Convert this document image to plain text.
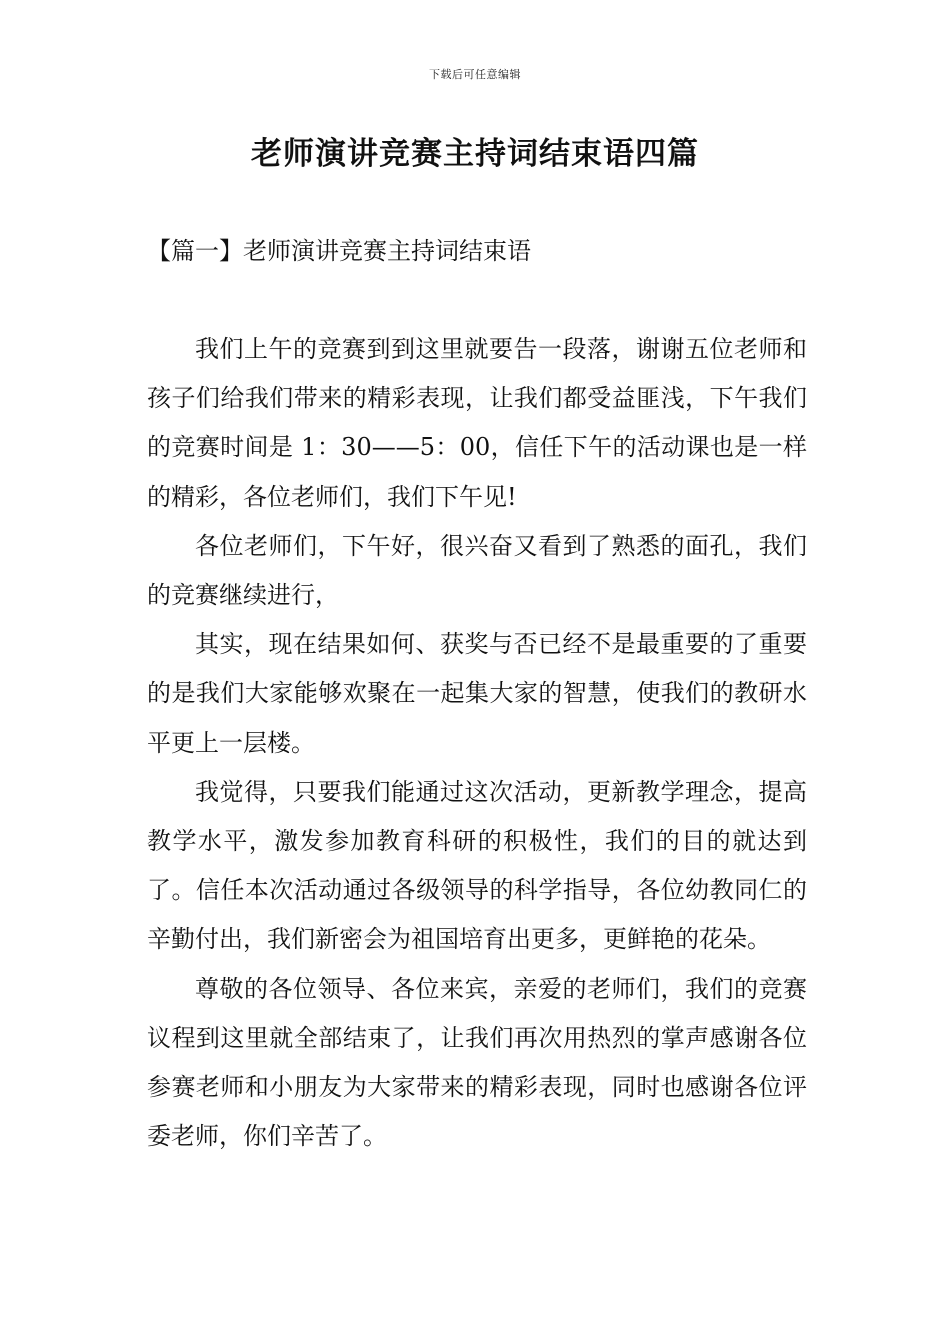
下载后可任意编辑
老师演讲竞赛主持词结束语四篇
【篇一】老师演讲竞赛主持词结束语

我们上午的竞赛到到这里就要告一段落，谢谢五位老师和孩子们给我们带来的精彩表现，让我们都受益匪浅，下午我们的竞赛时间是 1：30——5：00，信任下午的活动课也是一样的精彩，各位老师们，我们下午见!

各位老师们，下午好，很兴奋又看到了熟悉的面孔，我们的竞赛继续进行，

其实，现在结果如何、获奖与否已经不是最重要的了重要的是我们大家能够欢聚在一起集大家的智慧，使我们的教研水平更上一层楼。

我觉得，只要我们能通过这次活动，更新教学理念，提高教学水平，激发参加教育科研的积极性，我们的目的就达到了。信任本次活动通过各级领导的科学指导，各位幼教同仁的辛勤付出，我们新密会为祖国培育出更多，更鲜艳的花朵。

尊敬的各位领导、各位来宾，亲爱的老师们，我们的竞赛议程到这里就全部结束了，让我们再次用热烈的掌声感谢各位参赛老师和小朋友为大家带来的精彩表现，同时也感谢各位评委老师，你们辛苦了。
